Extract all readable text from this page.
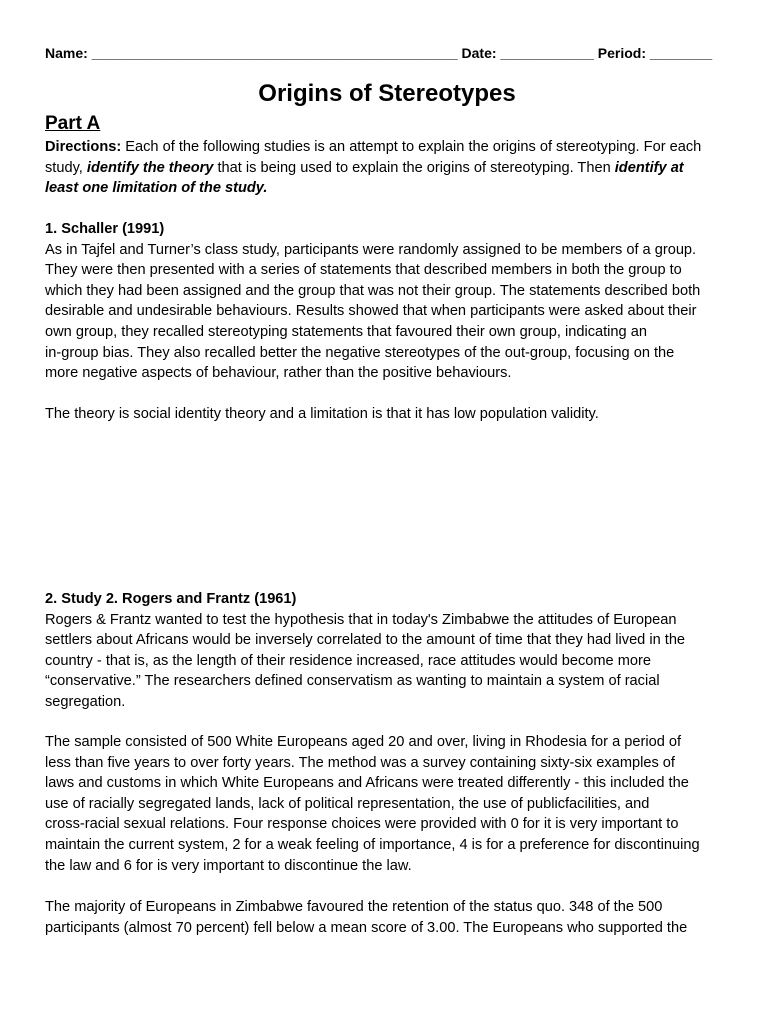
Name: _______________________________________________ Date: ____________ Period: ________
Origins of Stereotypes
Part A
Directions: Each of the following studies is an attempt to explain the origins of stereotyping. For each
study, identify the theory that is being used to explain the origins of stereotyping. Then identify at
least one limitation of the study.
1. Schaller (1991)
As in Tajfel and Turner’s class study, participants were randomly assigned to be members of a group.
They were then presented with a series of statements that described members in both the group to
which they had been assigned and the group that was not their group. The statements described both
desirable and undesirable behaviours. Results showed that when participants were asked about their
own group, they recalled stereotyping statements that favoured their own group, indicating an
in-group bias. They also recalled better the negative stereotypes of the out-group, focusing on the
more negative aspects of behaviour, rather than the positive behaviours.
The theory is social identity theory and a limitation is that it has low population validity.
2. Study 2. Rogers and Frantz (1961)
Rogers & Frantz wanted to test the hypothesis that in today's Zimbabwe the attitudes of European
settlers about Africans would be inversely correlated to the amount of time that they had lived in the
country - that is, as the length of their residence increased, race attitudes would become more
“conservative.” The researchers defined conservatism as wanting to maintain a system of racial
segregation.
The sample consisted of 500 White Europeans aged 20 and over, living in Rhodesia for a period of
less than five years to over forty years. The method was a survey containing sixty-six examples of
laws and customs in which White Europeans and Africans were treated differently - this included the
use of racially segregated lands, lack of political representation, the use of publicfacilities, and
cross-racial sexual relations. Four response choices were provided with 0 for it is very important to
maintain the current system, 2 for a weak feeling of importance, 4 is for a preference for discontinuing
the law and 6 for is very important to discontinue the law.
The majority of Europeans in Zimbabwe favoured the retention of the status quo. 348 of the 500
participants (almost 70 percent) fell below a mean score of 3.00. The Europeans who supported the
